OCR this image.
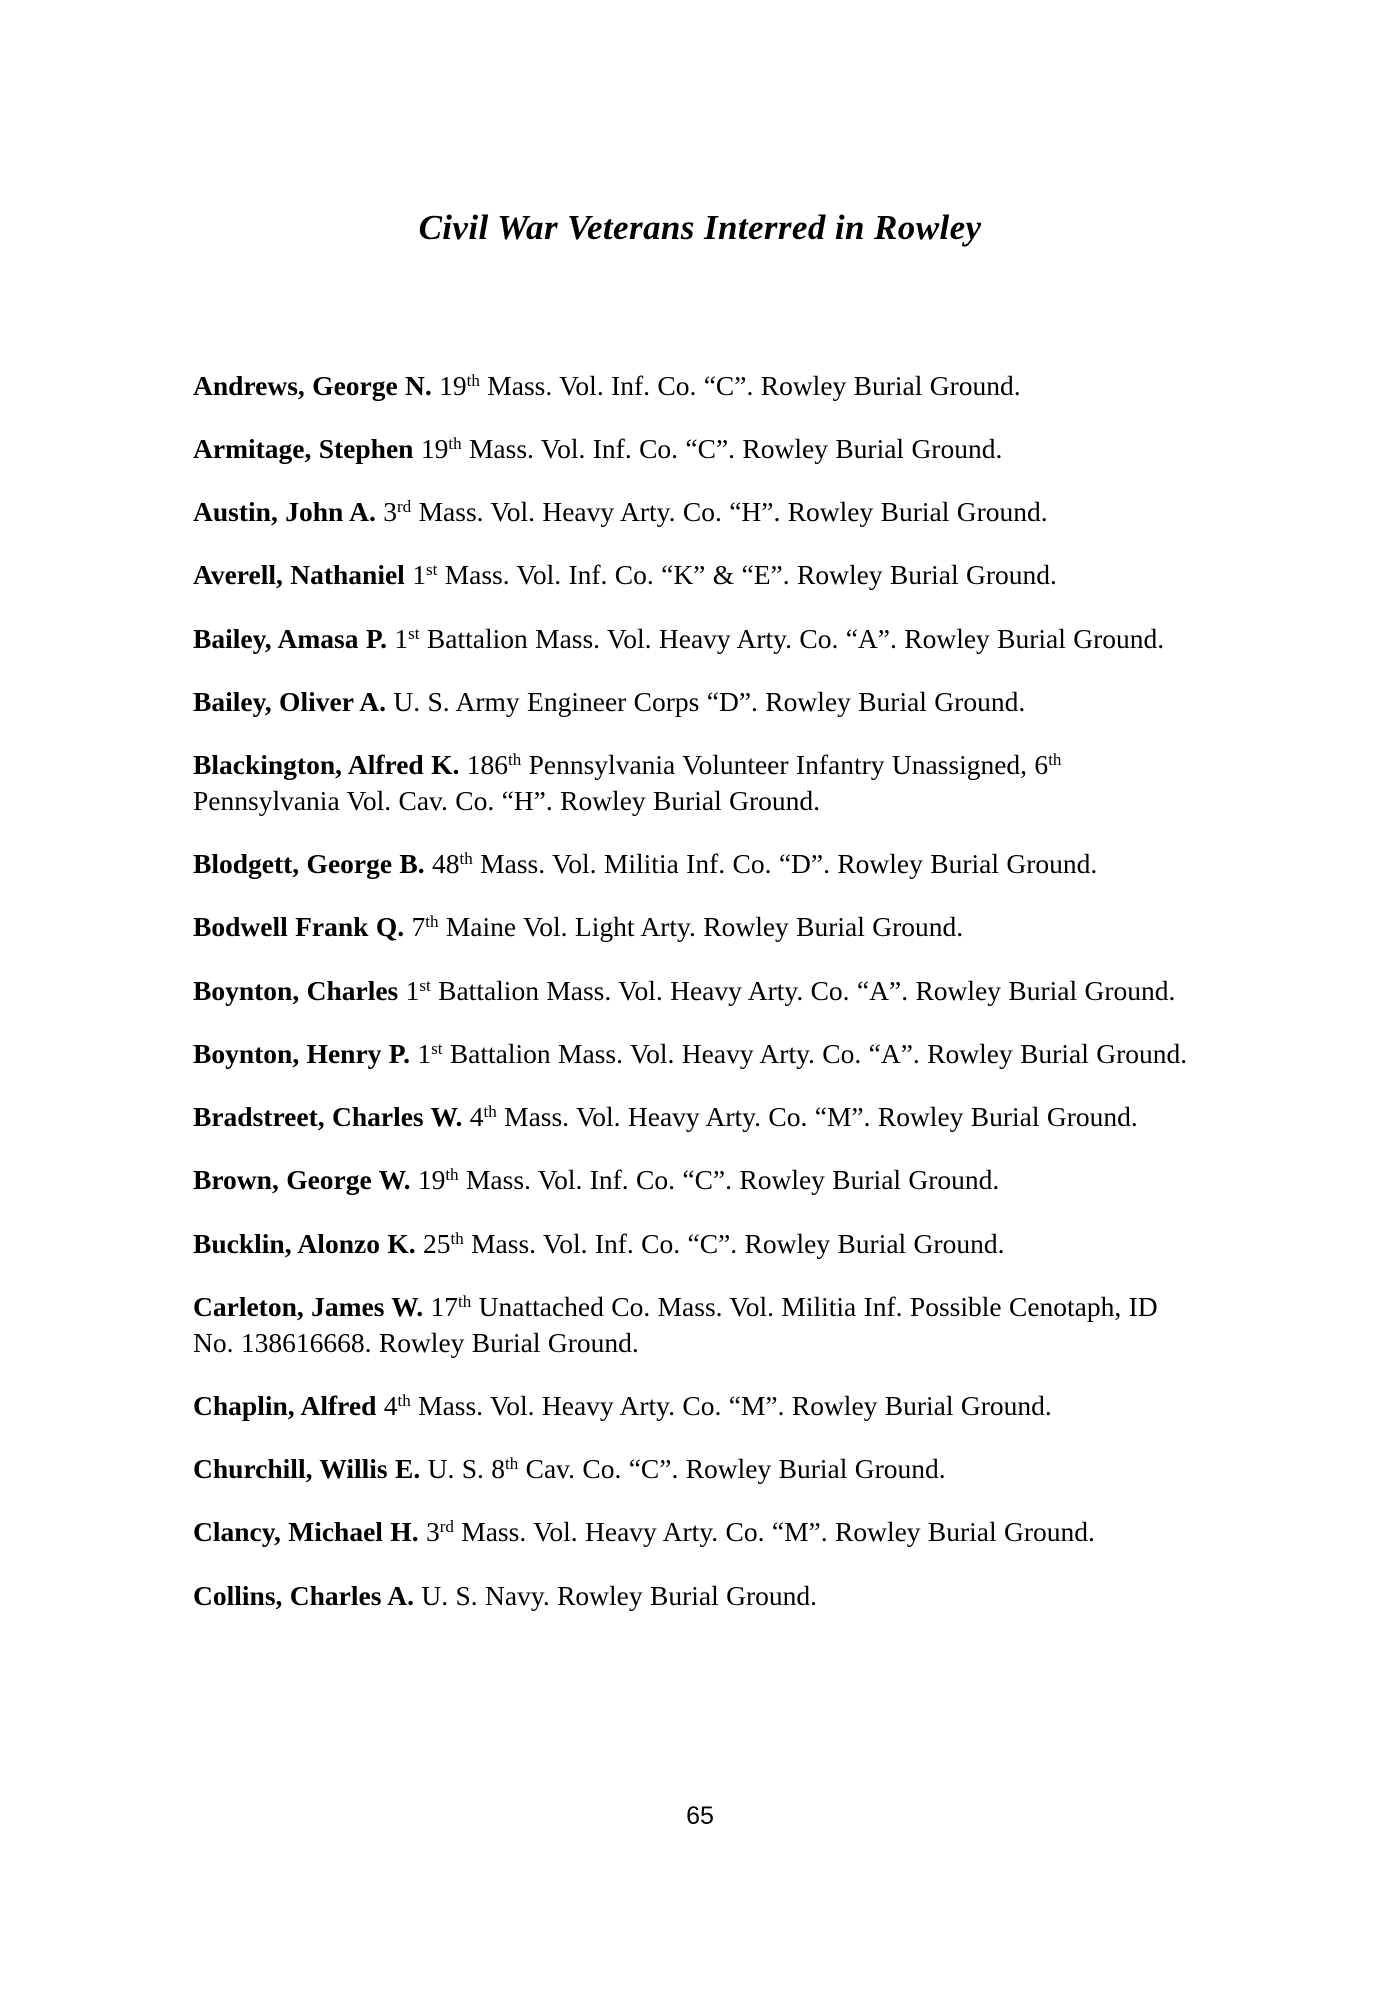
Civil War Veterans Interred in Rowley

Andrews, George N. 19th Mass. Vol. Inf. Co. “C”. Rowley Burial Ground.

Armitage, Stephen 19th Mass. Vol. Inf. Co. “C”. Rowley Burial Ground.

Austin, John A. 3rd Mass. Vol. Heavy Arty. Co. “H”. Rowley Burial Ground.

Averell, Nathaniel 1st Mass. Vol. Inf. Co. “K” & “E”. Rowley Burial Ground.

Bailey, Amasa P. 1st Battalion Mass. Vol. Heavy Arty. Co. “A”. Rowley Burial Ground.

Bailey, Oliver A. U. S. Army Engineer Corps “D”. Rowley Burial Ground.

Blackington, Alfred K. 186th Pennsylvania Volunteer Infantry Unassigned, 6th Pennsylvania Vol. Cav. Co. “H”. Rowley Burial Ground.

Blodgett, George B. 48th Mass. Vol. Militia Inf. Co. “D”. Rowley Burial Ground.

Bodwell Frank Q. 7th Maine Vol. Light Arty. Rowley Burial Ground.

Boynton, Charles 1st Battalion Mass. Vol. Heavy Arty. Co. “A”. Rowley Burial Ground.

Boynton, Henry P. 1st Battalion Mass. Vol. Heavy Arty. Co. “A”. Rowley Burial Ground.

Bradstreet, Charles W. 4th Mass. Vol. Heavy Arty. Co. “M”. Rowley Burial Ground.

Brown, George W. 19th Mass. Vol. Inf. Co. “C”. Rowley Burial Ground.

Bucklin, Alonzo K. 25th Mass. Vol. Inf. Co. “C”. Rowley Burial Ground.

Carleton, James W. 17th Unattached Co. Mass. Vol. Militia Inf. Possible Cenotaph, ID No. 138616668. Rowley Burial Ground.

Chaplin, Alfred 4th Mass. Vol. Heavy Arty. Co. “M”. Rowley Burial Ground.

Churchill, Willis E. U. S. 8th Cav. Co. “C”. Rowley Burial Ground.

Clancy, Michael H. 3rd Mass. Vol. Heavy Arty. Co. “M”. Rowley Burial Ground.

Collins, Charles A. U. S. Navy. Rowley Burial Ground.

65
